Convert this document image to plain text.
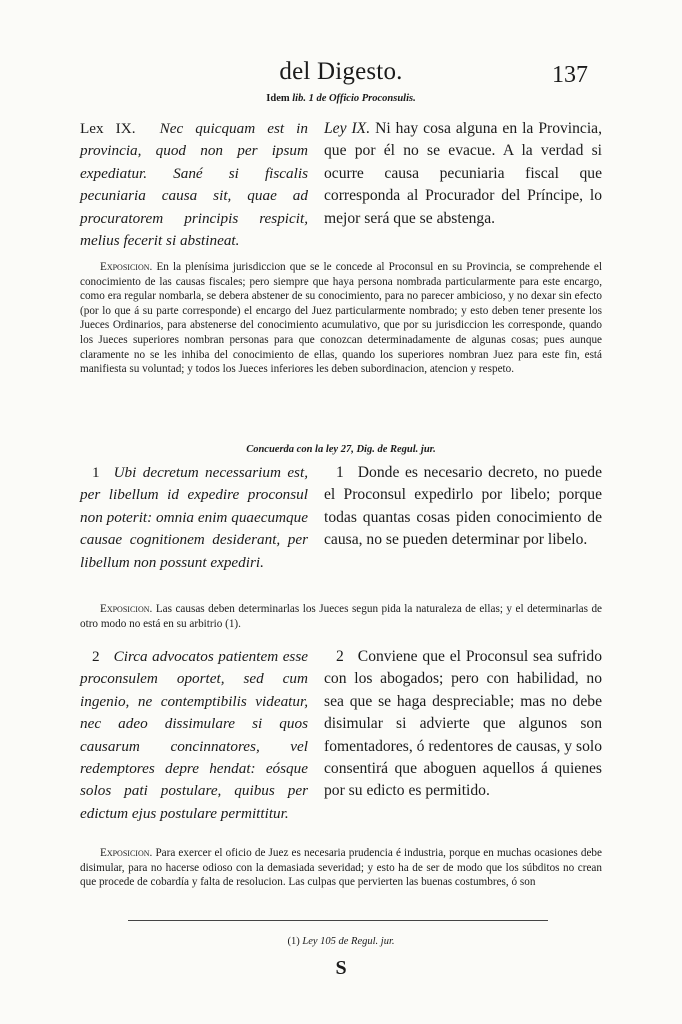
del Digesto.	137
Idem lib. 1 de Officio Proconsulis.
Lex IX. Nec quicquam est in provincia, quod non per ipsum expediatur. Sané si fiscalis pecuniaria causa sit, quae ad procuratorem principis respicit, melius fecerit si abstineat.
Ley IX. Ni hay cosa alguna en la Provincia, que por él no se evacue. A la verdad si ocurre causa pecuniaria fiscal que corresponda al Procurador del Príncipe, lo mejor será que se abstenga.
Exposicion. En la plenísima jurisdiccion que se le concede al Proconsul en su Provincia, se comprehende el conocimiento de las causas fiscales; pero siempre que haya persona nombrada particularmente para este encargo, como era regular nombarla, se debera abstener de su conocimiento, para no parecer ambicioso, y no dexar sin efecto (por lo que á su parte corresponde) el encargo del Juez particularmente nombrado; y esto deben tener presente los Jueces Ordinarios, para abstenerse del conocimiento acumulativo, que por su jurisdiccion les corresponde, quando los Jueces superiores nombran personas para que conozcan determinadamente de algunas cosas; pues aunque claramente no se les inhiba del conocimiento de ellas, quando los superiores nombran Juez para este fin, está manifiesta su voluntad; y todos los Jueces inferiores les deben subordinacion, atencion y respeto.
Concuerda con la ley 27, Dig. de Regul. jur.
1 Ubi decretum necessarium est, per libellum id expedire proconsul non poterit: omnia enim quaecumque causae cognitionem desiderant, per libellum non possunt expediri.
1 Donde es necesario decreto, no puede el Proconsul expedirlo por libelo; porque todas quantas cosas piden conocimiento de causa, no se pueden determinar por libelo.
Exposicion. Las causas deben determinarlas los Jueces segun pida la naturaleza de ellas; y el determinarlas de otro modo no está en su arbitrio (1).
2 Circa advocatos patientem esse proconsulem oportet, sed cum ingenio, ne contemptibilis videatur, nec adeo dissimulare si quos causarum concinnatores, vel redemptores depre hendat: eósque solos pati postulare, quibus per edictum ejus postulare permittitur.
2 Conviene que el Proconsul sea sufrido con los abogados; pero con habilidad, no sea que se haga despreciable; mas no debe disimular si advierte que algunos son fomentadores, ó redentores de causas, y solo consentirá que aboguen aquellos á quienes por su edicto es permitido.
Exposicion. Para exercer el oficio de Juez es necesaria prudencia é industria, porque en muchas ocasiones debe disimular, para no hacerse odioso con la demasiada severidad; y esto ha de ser de modo que los súbditos no crean que procede de cobardía y falta de resolucion. Las culpas que pervierten las buenas costumbres, ó son
(1) Ley 105 de Regul. jur.
S
